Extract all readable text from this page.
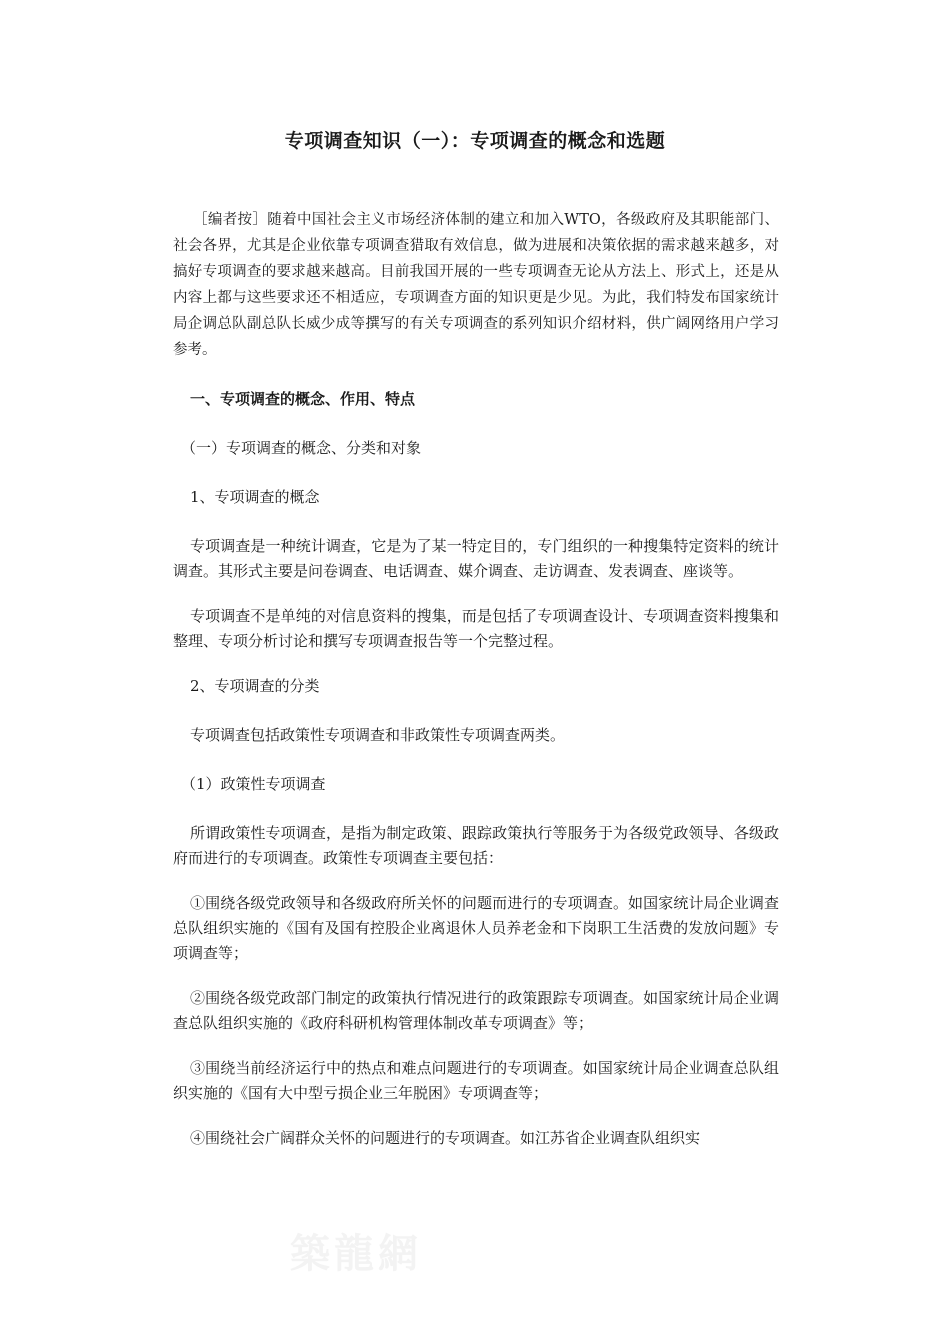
专项调查知识（一）：专项调查的概念和选题

［编者按］随着中国社会主义市场经济体制的建立和加入WTO，各级政府及其职能部门、社会各界，尤其是企业依靠专项调查猎取有效信息，做为进展和决策依据的需求越来越多，对搞好专项调查的要求越来越高。目前我国开展的一些专项调查无论从方法上、形式上，还是从内容上都与这些要求还不相适应，专项调查方面的知识更是少见。为此，我们特发布国家统计局企调总队副总队长威少成等撰写的有关专项调查的系列知识介绍材料，供广阔网络用户学习参考。

一、专项调查的概念、作用、特点

（一）专项调查的概念、分类和对象

1、专项调查的概念

专项调查是一种统计调查，它是为了某一特定目的，专门组织的一种搜集特定资料的统计调查。其形式主要是问卷调查、电话调查、媒介调查、走访调查、发表调查、座谈等。

专项调查不是单纯的对信息资料的搜集，而是包括了专项调查设计、专项调查资料搜集和整理、专项分析讨论和撰写专项调查报告等一个完整过程。

2、专项调查的分类

专项调查包括政策性专项调查和非政策性专项调查两类。

（1）政策性专项调查

所谓政策性专项调查，是指为制定政策、跟踪政策执行等服务于为各级党政领导、各级政府而进行的专项调查。政策性专项调查主要包括：

①围绕各级党政领导和各级政府所关怀的问题而进行的专项调查。如国家统计局企业调查总队组织实施的《国有及国有控股企业离退休人员养老金和下岗职工生活费的发放问题》专项调查等；

②围绕各级党政部门制定的政策执行情况进行的政策跟踪专项调查。如国家统计局企业调查总队组织实施的《政府科研机构管理体制改革专项调查》等；

③围绕当前经济运行中的热点和难点问题进行的专项调查。如国家统计局企业调查总队组织实施的《国有大中型亏损企业三年脱困》专项调查等；

④围绕社会广阔群众关怀的问题进行的专项调查。如江苏省企业调查队组织实

築龍網
